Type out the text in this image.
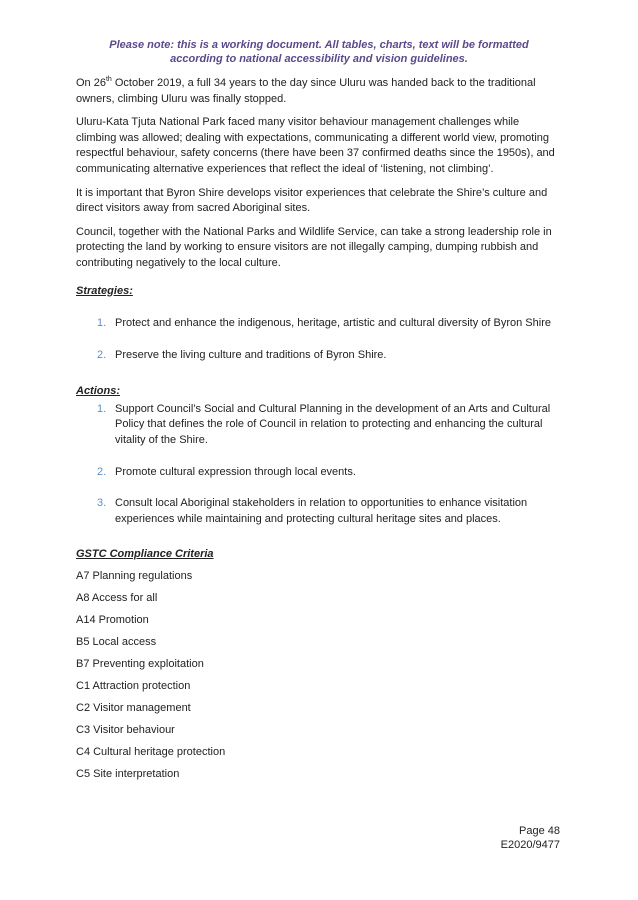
Please note: this is a working document. All tables, charts, text will be formatted
according to national accessibility and vision guidelines.

On 26th October 2019, a full 34 years to the day since Uluru was handed back to the traditional owners, climbing Uluru was finally stopped.

Uluru-Kata Tjuta National Park faced many visitor behaviour management challenges while climbing was allowed; dealing with expectations, communicating a different world view, promoting respectful behaviour, safety concerns (there have been 37 confirmed deaths since the 1950s), and communicating alternative experiences that reflect the ideal of ‘listening, not climbing’.

It is important that Byron Shire develops visitor experiences that celebrate the Shire’s culture and direct visitors away from sacred Aboriginal sites.

Council, together with the National Parks and Wildlife Service, can take a strong leadership role in protecting the land by working to ensure visitors are not illegally camping, dumping rubbish and contributing negatively to the local culture.

Strategies:
1. Protect and enhance the indigenous, heritage, artistic and cultural diversity of Byron Shire
2. Preserve the living culture and traditions of Byron Shire.
Actions:
1. Support Council’s Social and Cultural Planning in the development of an Arts and Cultural Policy that defines the role of Council in relation to protecting and enhancing the cultural vitality of the Shire.
2. Promote cultural expression through local events.
3. Consult local Aboriginal stakeholders in relation to opportunities to enhance visitation experiences while maintaining and protecting cultural heritage sites and places.
GSTC Compliance Criteria
A7 Planning regulations
A8 Access for all
A14 Promotion
B5 Local access
B7 Preventing exploitation
C1 Attraction protection
C2 Visitor management
C3 Visitor behaviour
C4 Cultural heritage protection
C5 Site interpretation
Page 48
E2020/9477
